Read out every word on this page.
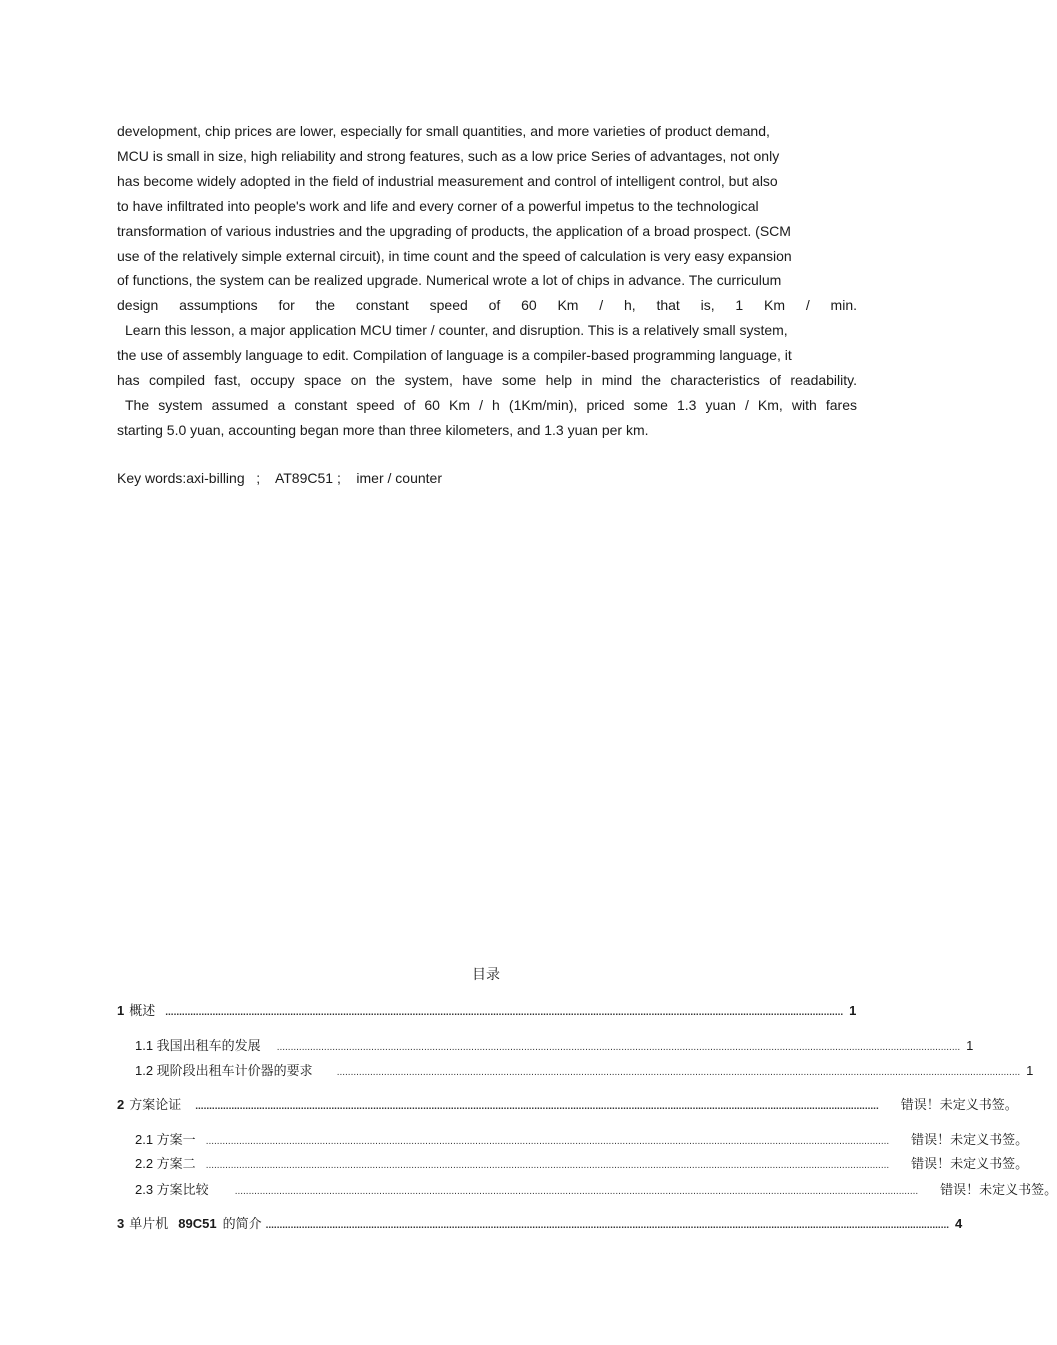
development, chip prices are lower, especially for small quantities, and more varieties of product demand,

MCU is small in size, high reliability and strong features, such as a low price Series of advantages, not only

has become widely adopted in the field of industrial measurement and control of intelligent control, but also

to have infiltrated into people's work and life and every corner of a powerful impetus to the technological

transformation of various industries and the upgrading of products, the application of a broad prospect. (SCM

use of the relatively simple external circuit), in time count and the speed of calculation is very easy expansion

of functions, the system can be realized upgrade. Numerical wrote a lot of chips in advance. The curriculum

design assumptions for the constant speed of 60 Km / h, that is, 1 Km / min.

Learn this lesson, a major application MCU timer / counter, and disruption. This is a relatively small system,

the use of assembly language to edit. Compilation of language is a compiler-based programming language, it

has compiled fast, occupy space on the system, have some help in mind the characteristics of readability.

The system assumed a constant speed of 60 Km / h (1Km/min), priced some 1.3 yuan / Km, with fares

starting 5.0 yuan, accounting began more than three kilometers, and 1.3 yuan per km.

Key words:axi-billing   ;    AT89C51 ;    imer / counter
目录
1 概述 .................................................................................................................................................................................................................................................... 1
1.1 我国出租车的发展 ...................................................................................................................................................................................................................................................... 1
1.2 现阶段出租车计价器的要求 ...................................................................................................................................................................................................................................................... 1
2 方案论证 ...................................................................................................................................................................................................................................................... 错误！未定义书签。
2.1 方案一 ...................................................................................................................................................................................................................................................... 错误！未定义书签。
2.2 方案二 ...................................................................................................................................................................................................................................................... 错误！未定义书签。
2.3 方案比较	...................................................................................................................................................................................................................................................... 错误！未定义书签。
3 单片机 89C51 的简介 ...................................................................................................................................................................................................................................................... 4
